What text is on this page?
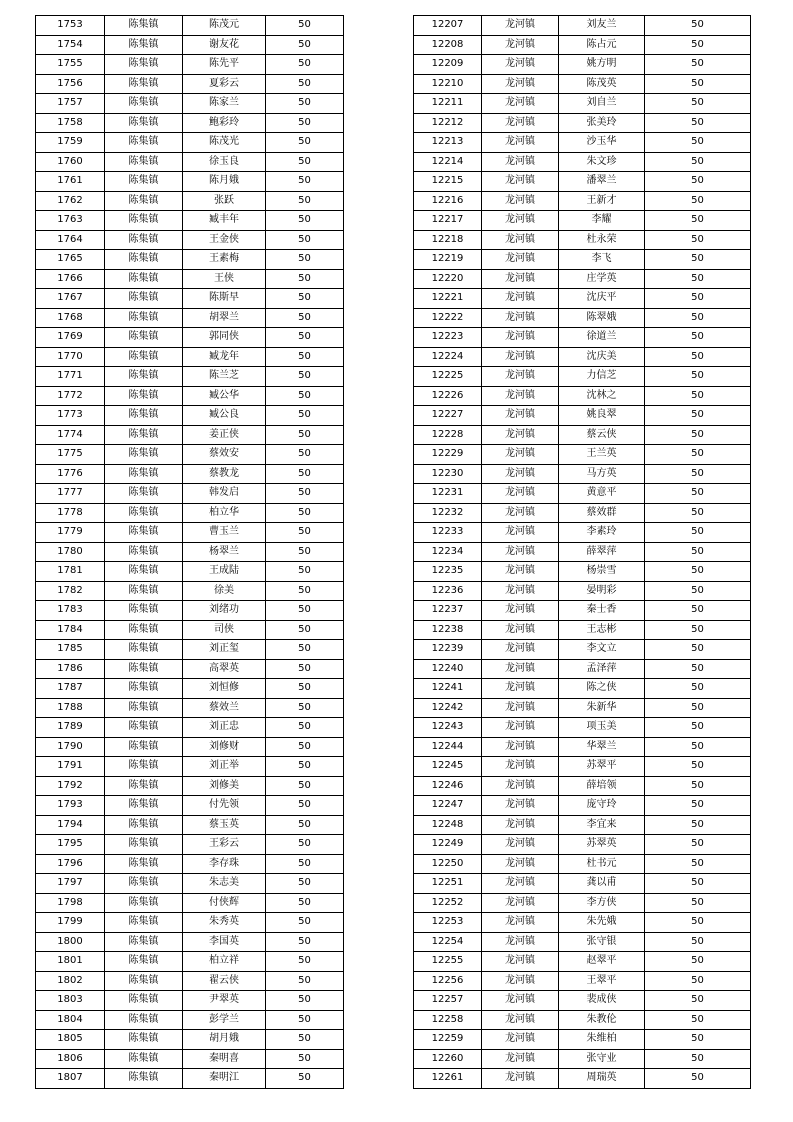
1753	陈集镇	陈茂元	50
1754	陈集镇	谢友花	50
1755	陈集镇	陈先平	50
1756	陈集镇	夏彩云	50
1757	陈集镇	陈家兰	50
1758	陈集镇	鲍彩玲	50
1759	陈集镇	陈茂光	50
1760	陈集镇	徐玉良	50
1761	陈集镇	陈月娥	50
1762	陈集镇	张跃	50
1763	陈集镇	臧丰年	50
1764	陈集镇	王金侠	50
1765	陈集镇	王素梅	50
1766	陈集镇	王侠	50
1767	陈集镇	陈斯早	50
1768	陈集镇	胡翠兰	50
1769	陈集镇	郭同侠	50
1770	陈集镇	臧龙年	50
1771	陈集镇	陈兰芝	50
1772	陈集镇	臧公华	50
1773	陈集镇	臧公良	50
1774	陈集镇	姜正侠	50
1775	陈集镇	蔡效安	50
1776	陈集镇	蔡教龙	50
1777	陈集镇	韩发启	50
1778	陈集镇	柏立华	50
1779	陈集镇	曹玉兰	50
1780	陈集镇	杨翠兰	50
1781	陈集镇	王成陆	50
1782	陈集镇	徐美	50
1783	陈集镇	刘绪功	50
1784	陈集镇	司侠	50
1785	陈集镇	刘正玺	50
1786	陈集镇	高翠英	50
1787	陈集镇	刘恒修	50
1788	陈集镇	蔡效兰	50
1789	陈集镇	刘正忠	50
1790	陈集镇	刘修财	50
1791	陈集镇	刘正举	50
1792	陈集镇	刘修美	50
1793	陈集镇	付先领	50
1794	陈集镇	蔡玉英	50
1795	陈集镇	王彩云	50
1796	陈集镇	李存珠	50
1797	陈集镇	朱志美	50
1798	陈集镇	付侠辉	50
1799	陈集镇	朱秀英	50
1800	陈集镇	李国英	50
1801	陈集镇	柏立祥	50
1802	陈集镇	翟云侠	50
1803	陈集镇	尹翠英	50
1804	陈集镇	彭学兰	50
1805	陈集镇	胡月娥	50
1806	陈集镇	秦明喜	50
1807	陈集镇	秦明江	50
12207	龙河镇	刘友兰	50
12208	龙河镇	陈占元	50
12209	龙河镇	姚方明	50
12210	龙河镇	陈茂英	50
12211	龙河镇	刘自兰	50
12212	龙河镇	张美玲	50
12213	龙河镇	沙玉华	50
12214	龙河镇	朱文珍	50
12215	龙河镇	潘翠兰	50
12216	龙河镇	王新才	50
12217	龙河镇	李耀	50
12218	龙河镇	杜永荣	50
12219	龙河镇	李飞	50
12220	龙河镇	庄学英	50
12221	龙河镇	沈庆平	50
12222	龙河镇	陈翠娥	50
12223	龙河镇	徐道兰	50
12224	龙河镇	沈庆美	50
12225	龙河镇	力信芝	50
12226	龙河镇	沈林之	50
12227	龙河镇	姚良翠	50
12228	龙河镇	蔡云侠	50
12229	龙河镇	王兰英	50
12230	龙河镇	马方英	50
12231	龙河镇	黄意平	50
12232	龙河镇	蔡效群	50
12233	龙河镇	李素玲	50
12234	龙河镇	薛翠萍	50
12235	龙河镇	杨崇雪	50
12236	龙河镇	晏明彩	50
12237	龙河镇	秦士香	50
12238	龙河镇	王志彬	50
12239	龙河镇	李文立	50
12240	龙河镇	孟泽萍	50
12241	龙河镇	陈之侠	50
12242	龙河镇	朱新华	50
12243	龙河镇	项玉美	50
12244	龙河镇	华翠兰	50
12245	龙河镇	苏翠平	50
12246	龙河镇	薛培领	50
12247	龙河镇	庞守玲	50
12248	龙河镇	李宜来	50
12249	龙河镇	苏翠英	50
12250	龙河镇	杜书元	50
12251	龙河镇	龚以甫	50
12252	龙河镇	李方侠	50
12253	龙河镇	朱先娥	50
12254	龙河镇	张守银	50
12255	龙河镇	赵翠平	50
12256	龙河镇	王翠平	50
12257	龙河镇	裴成侠	50
12258	龙河镇	朱教伦	50
12259	龙河镇	朱维柏	50
12260	龙河镇	张守业	50
12261	龙河镇	周瑞英	50
